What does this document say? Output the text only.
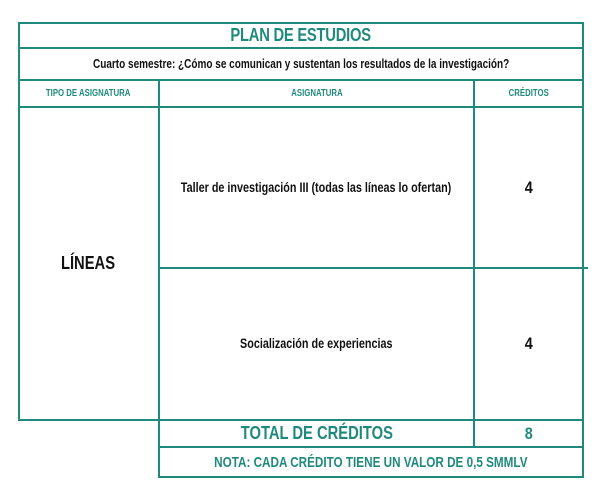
PLAN DE ESTUDIOS
Cuarto semestre: ¿Cómo se comunican y sustentan los resultados de la investigación?
TIPO DE ASIGNATURA	ASIGNATURA	CRÉDITOS
LÍNEAS
Taller de investigación III (todas las líneas lo ofertan)	4
Socialización de experiencias	4
TOTAL DE CRÉDITOS	8
NOTA: CADA CRÉDITO TIENE UN VALOR DE 0,5 SMMLV
